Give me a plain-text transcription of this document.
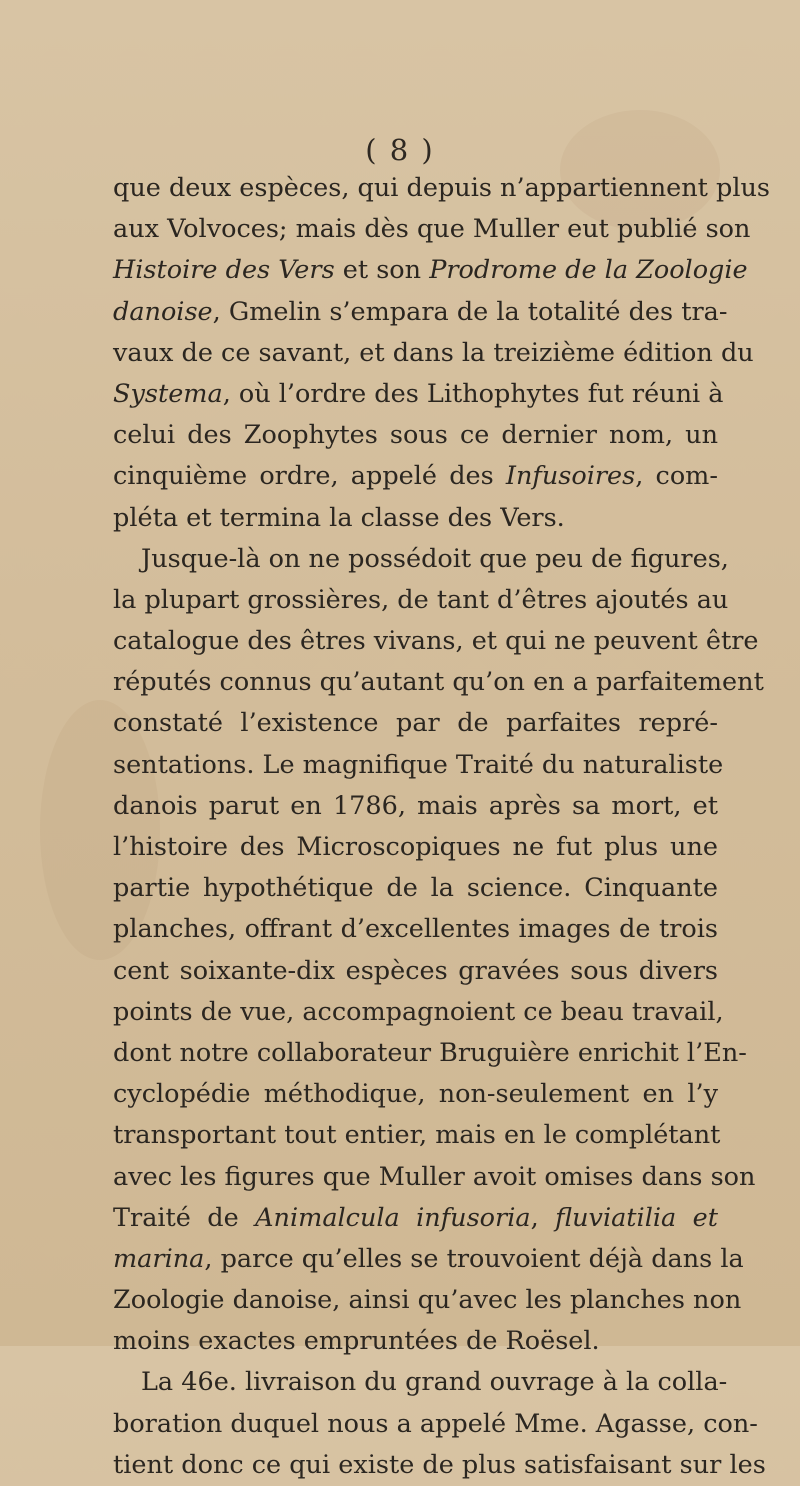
( 8 )
que deux espèces, qui depuis n’appartiennent plus
aux Volvoces; mais dès que Muller eut publié son
Histoire des Vers et son Prodrome de la Zoologie
danoise, Gmelin s’empara de la totalité des tra-
vaux de ce savant, et dans la treizième édition du
Systema, où l’ordre des Lithophytes fut réuni à
celui des Zoophytes sous ce dernier nom, un
cinquième ordre, appelé des Infusoires, com-
pléta et termina la classe des Vers.
Jusque-là on ne possédoit que peu de figures,
la plupart grossières, de tant d’êtres ajoutés au
catalogue des êtres vivans, et qui ne peuvent être
réputés connus qu’autant qu’on en a parfaitement
constaté l’existence par de parfaites repré-
sentations. Le magnifique Traité du naturaliste
danois parut en 1786, mais après sa mort, et
l’histoire des Microscopiques ne fut plus une
partie hypothétique de la science. Cinquante
planches, offrant d’excellentes images de trois
cent soixante-dix espèces gravées sous divers
points de vue, accompagnoient ce beau travail,
dont notre collaborateur Bruguière enrichit l’En-
cyclopédie méthodique, non-seulement en l’y
transportant tout entier, mais en le complétant
avec les figures que Muller avoit omises dans son
Traité de Animalcula infusoria, fluviatilia et
marina, parce qu’elles se trouvoient déjà dans la
Zoologie danoise, ainsi qu’avec les planches non
moins exactes empruntées de Roësel.
La 46e. livraison du grand ouvrage à la colla-
boration duquel nous a appelé Mme. Agasse, con-
tient donc ce qui existe de plus satisfaisant sur les
